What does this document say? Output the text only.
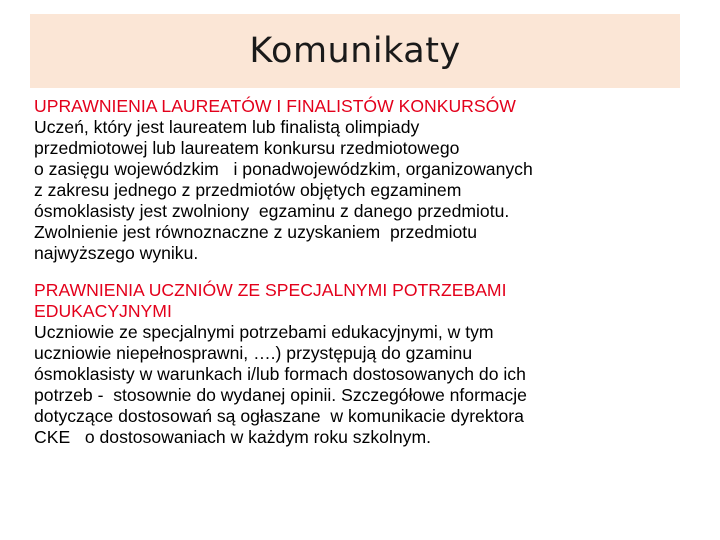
Komunikaty
UPRAWNIENIA LAUREATÓW I FINALISTÓW KONKURSÓW
Uczeń, który jest laureatem lub finalistą olimpiady
przedmiotowej lub laureatem konkursu rzedmiotowego
o zasięgu wojewódzkim   i ponadwojewódzkim, organizowanych
z zakresu jednego z przedmiotów objętych egzaminem
ósmoklasisty jest zwolniony  egzaminu z danego przedmiotu.
Zwolnienie jest równoznaczne z uzyskaniem  przedmiotu
najwyższego wyniku.
PRAWNIENIA UCZNIÓW ZE SPECJALNYMI POTRZEBAMI
EDUKACYJNYMI
Uczniowie ze specjalnymi potrzebami edukacyjnymi, w tym
uczniowie niepełnosprawni, ….) przystępują do gzaminu
ósmoklasisty w warunkach i/lub formach dostosowanych do ich
potrzeb -  stosownie do wydanej opinii. Szczegółowe nformacje
dotyczące dostosowań są ogłaszane  w komunikacie dyrektora
CKE   o dostosowaniach w każdym roku szkolnym.
